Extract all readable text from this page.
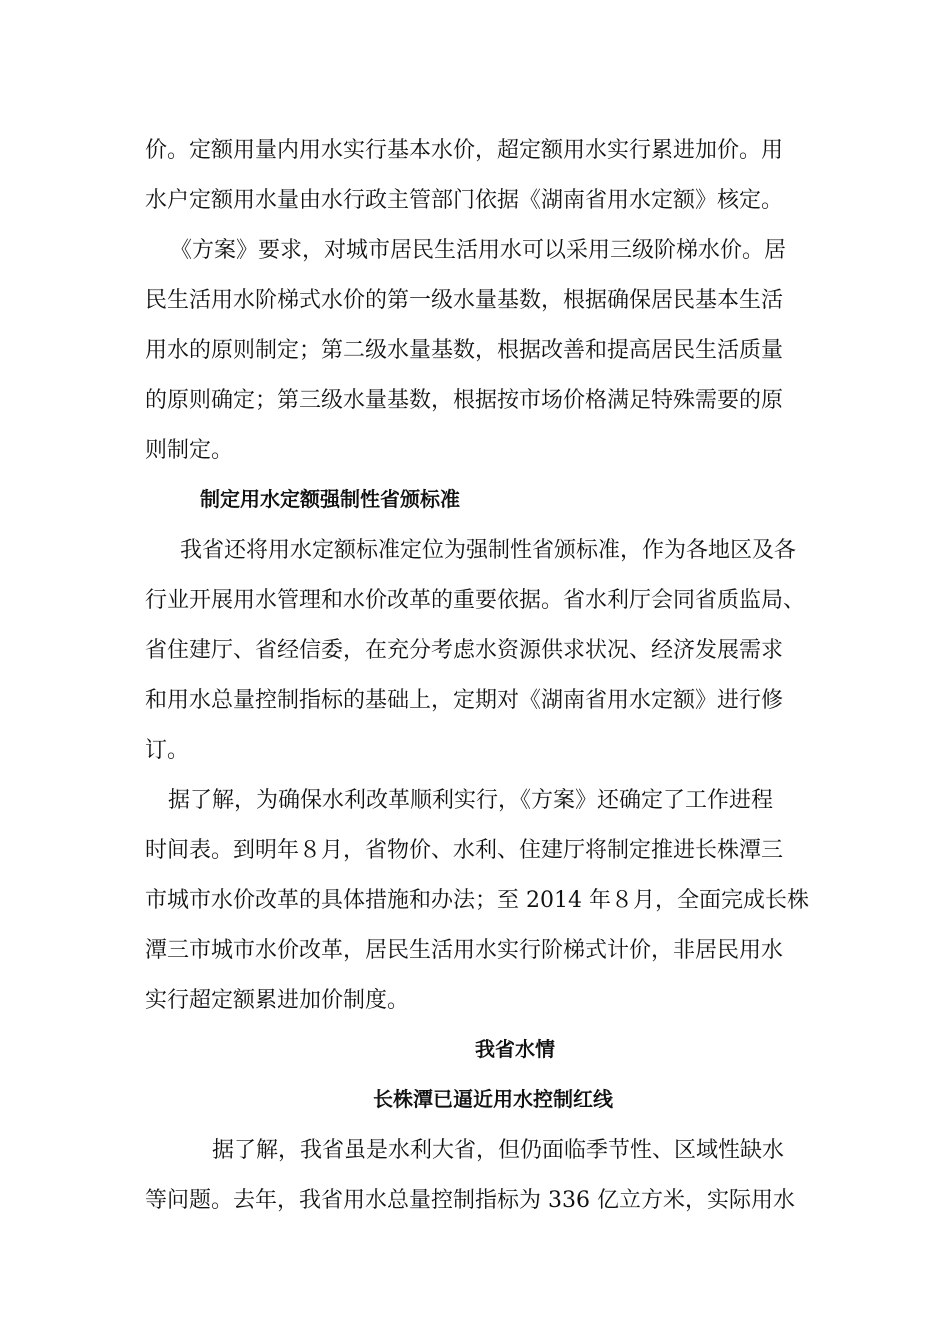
价。定额用量内用水实行基本水价，超定额用水实行累进加价。用
水户定额用水量由水行政主管部门依据《湖南省用水定额》核定。
《方案》要求，对城市居民生活用水可以采用三级阶梯水价。居
民生活用水阶梯式水价的第一级水量基数，根据确保居民基本生活
用水的原则制定；第二级水量基数，根据改善和提高居民生活质量
的原则确定；第三级水量基数，根据按市场价格满足特殊需要的原
则制定。
制定用水定额强制性省颁标准
我省还将用水定额标准定位为强制性省颁标准，作为各地区及各
行业开展用水管理和水价改革的重要依据。省水利厅会同省质监局、
省住建厅、省经信委，在充分考虑水资源供求状况、经济发展需求
和用水总量控制指标的基础上，定期对《湖南省用水定额》进行修
订。
据了解，为确保水利改革顺利实行，《方案》还确定了工作进程
时间表。到明年８月，省物价、水利、住建厅将制定推进长株潭三
市城市水价改革的具体措施和办法；至 2014 年８月，全面完成长株
潭三市城市水价改革，居民生活用水实行阶梯式计价，非居民用水
实行超定额累进加价制度。
我省水情
长株潭已逼近用水控制红线
据了解，我省虽是水利大省，但仍面临季节性、区域性缺水
等问题。去年，我省用水总量控制指标为 336 亿立方米，实际用水
